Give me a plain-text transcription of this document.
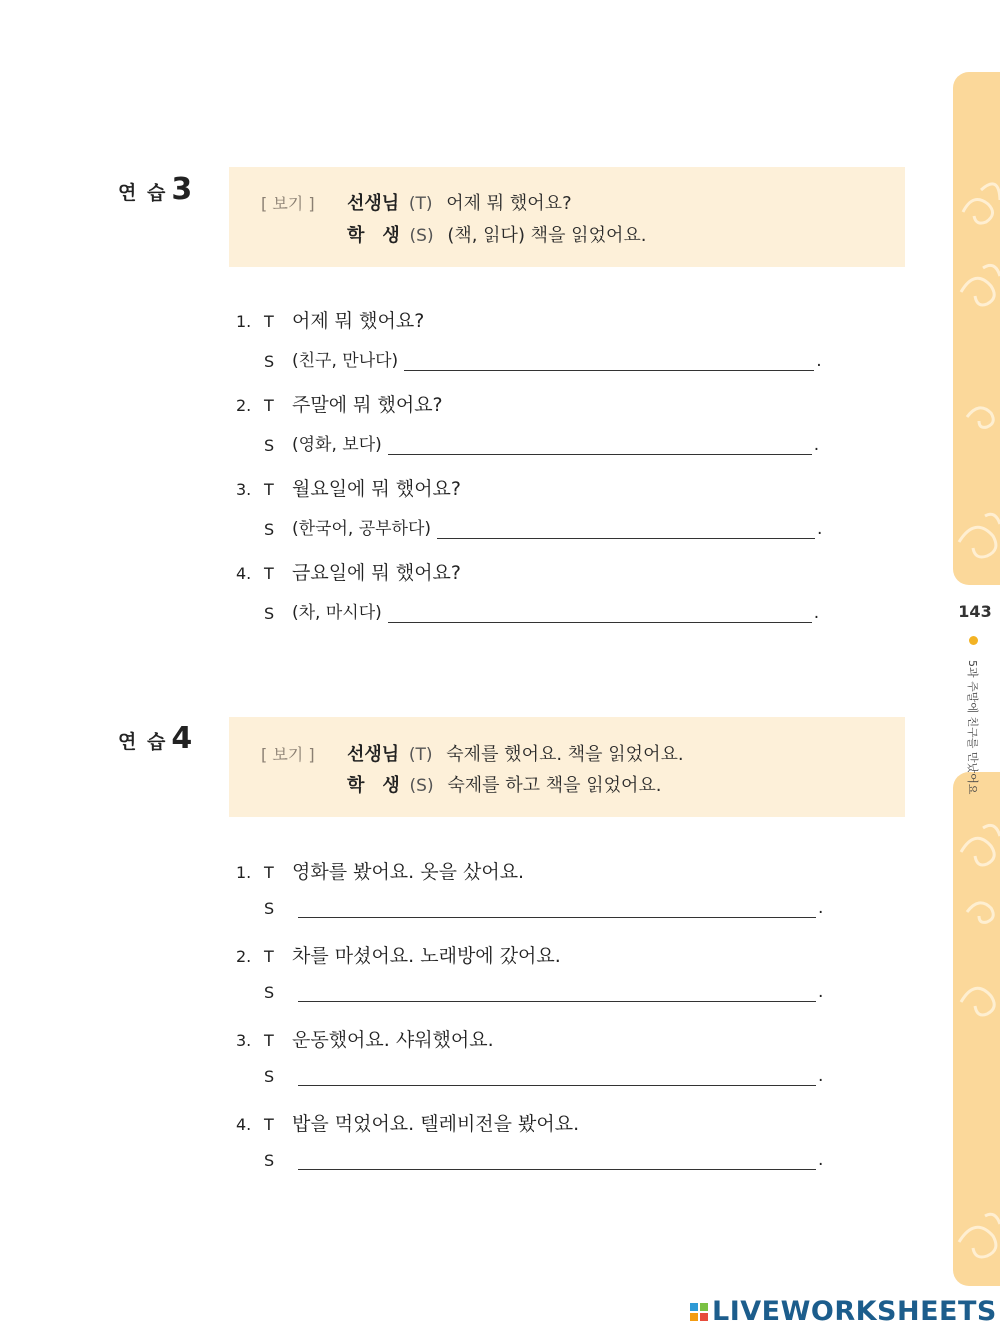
143
5과 주말에 친구를 만났어요
연 습 3	[ 보기 ] 선생님 (T) 어제 뭐 했어요?
학　생 (S) (책, 읽다) 책을 읽었어요.
1. T 어제 뭐 했어요?
S	(친구, 만나다)	.
2. T 주말에 뭐 했어요?
S	(영화, 보다)	.
3. T 월요일에 뭐 했어요?
S	(한국어, 공부하다)	.
4. T 금요일에 뭐 했어요?
S	(차, 마시다)	.
연 습 4	[ 보기 ] 선생님 (T) 숙제를 했어요. 책을 읽었어요.
학　생 (S) 숙제를 하고 책을 읽었어요.
1. T 영화를 봤어요. 옷을 샀어요.
S	.
2. T 차를 마셨어요. 노래방에 갔어요.
S	.
3. T 운동했어요. 샤워했어요.
S	.
4. T 밥을 먹었어요. 텔레비전을 봤어요.
S	.
LIVEWORKSHEETS
